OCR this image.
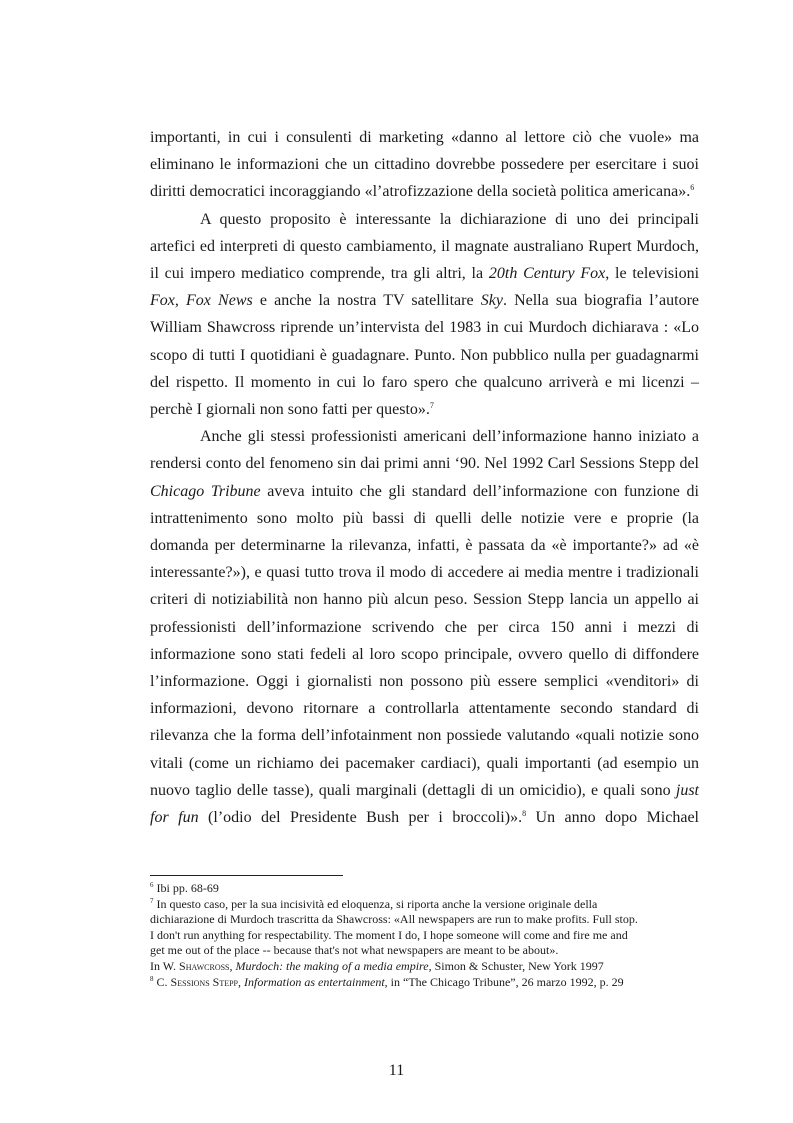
importanti, in cui i consulenti di marketing «danno al lettore ciò che vuole» ma
eliminano le informazioni che un cittadino dovrebbe possedere per esercitare i suoi
diritti democratici incoraggiando «l’atrofizzazione della società politica americana».$^6$

A questo proposito è interessante la dichiarazione di uno dei principali
artefici ed interpreti di questo cambiamento, il magnate australiano Rupert Murdoch,
il cui impero mediatico comprende, tra gli altri, la 20th Century Fox, le televisioni
Fox, Fox News e anche la nostra TV satellitare Sky. Nella sua biografia l’autore
William Shawcross riprende un’intervista del 1983 in cui Murdoch dichiarava : «Lo
scopo di tutti I quotidiani è guadagnare. Punto. Non pubblico nulla per guadagnarmi
del rispetto. Il momento in cui lo faro spero che qualcuno arriverà e mi licenzi –
perchè I giornali non sono fatti per questo».$^7$

Anche gli stessi professionisti americani dell’informazione hanno iniziato a
rendersi conto del fenomeno sin dai primi anni ‘90. Nel 1992 Carl Sessions Stepp del
Chicago Tribune aveva intuito che gli standard dell’informazione con funzione di
intrattenimento sono molto più bassi di quelli delle notizie vere e proprie (la
domanda per determinarne la rilevanza, infatti, è passata da «è importante?» ad «è
interessante?»), e quasi tutto trova il modo di accedere ai media mentre i tradizionali
criteri di notiziabilità non hanno più alcun peso. Session Stepp lancia un appello ai
professionisti dell’informazione scrivendo che per circa 150 anni i mezzi di
informazione sono stati fedeli al loro scopo principale, ovvero quello di diffondere
l’informazione. Oggi i giornalisti non possono più essere semplici «venditori» di
informazioni, devono ritornare a controllarla attentamente secondo standard di
rilevanza che la forma dell’infotainment non possiede valutando «quali notizie sono
vitali (come un richiamo dei pacemaker cardiaci), quali importanti (ad esempio un
nuovo taglio delle tasse), quali marginali (dettagli di un omicidio), e quali sono just
for fun (l’odio del Presidente Bush per i broccoli)».$^8$ Un anno dopo Michael

$^6$ Ibi pp. 68-69

$^7$ In questo caso, per la sua incisività ed eloquenza, si riporta anche la versione originale della

dichiarazione di Murdoch trascritta da Shawcross: «All newspapers are run to make profits. Full stop.

I don't run anything for respectability. The moment I do, I hope someone will come and fire me and

get me out of the place -- because that's not what newspapers are meant to be about».

In W. Shawcross, Murdoch: the making of a media empire, Simon & Schuster, New York 1997

$^8$ C. Sessions Stepp, Information as entertainment, in “The Chicago Tribune”, 26 marzo 1992, p. 29

11
